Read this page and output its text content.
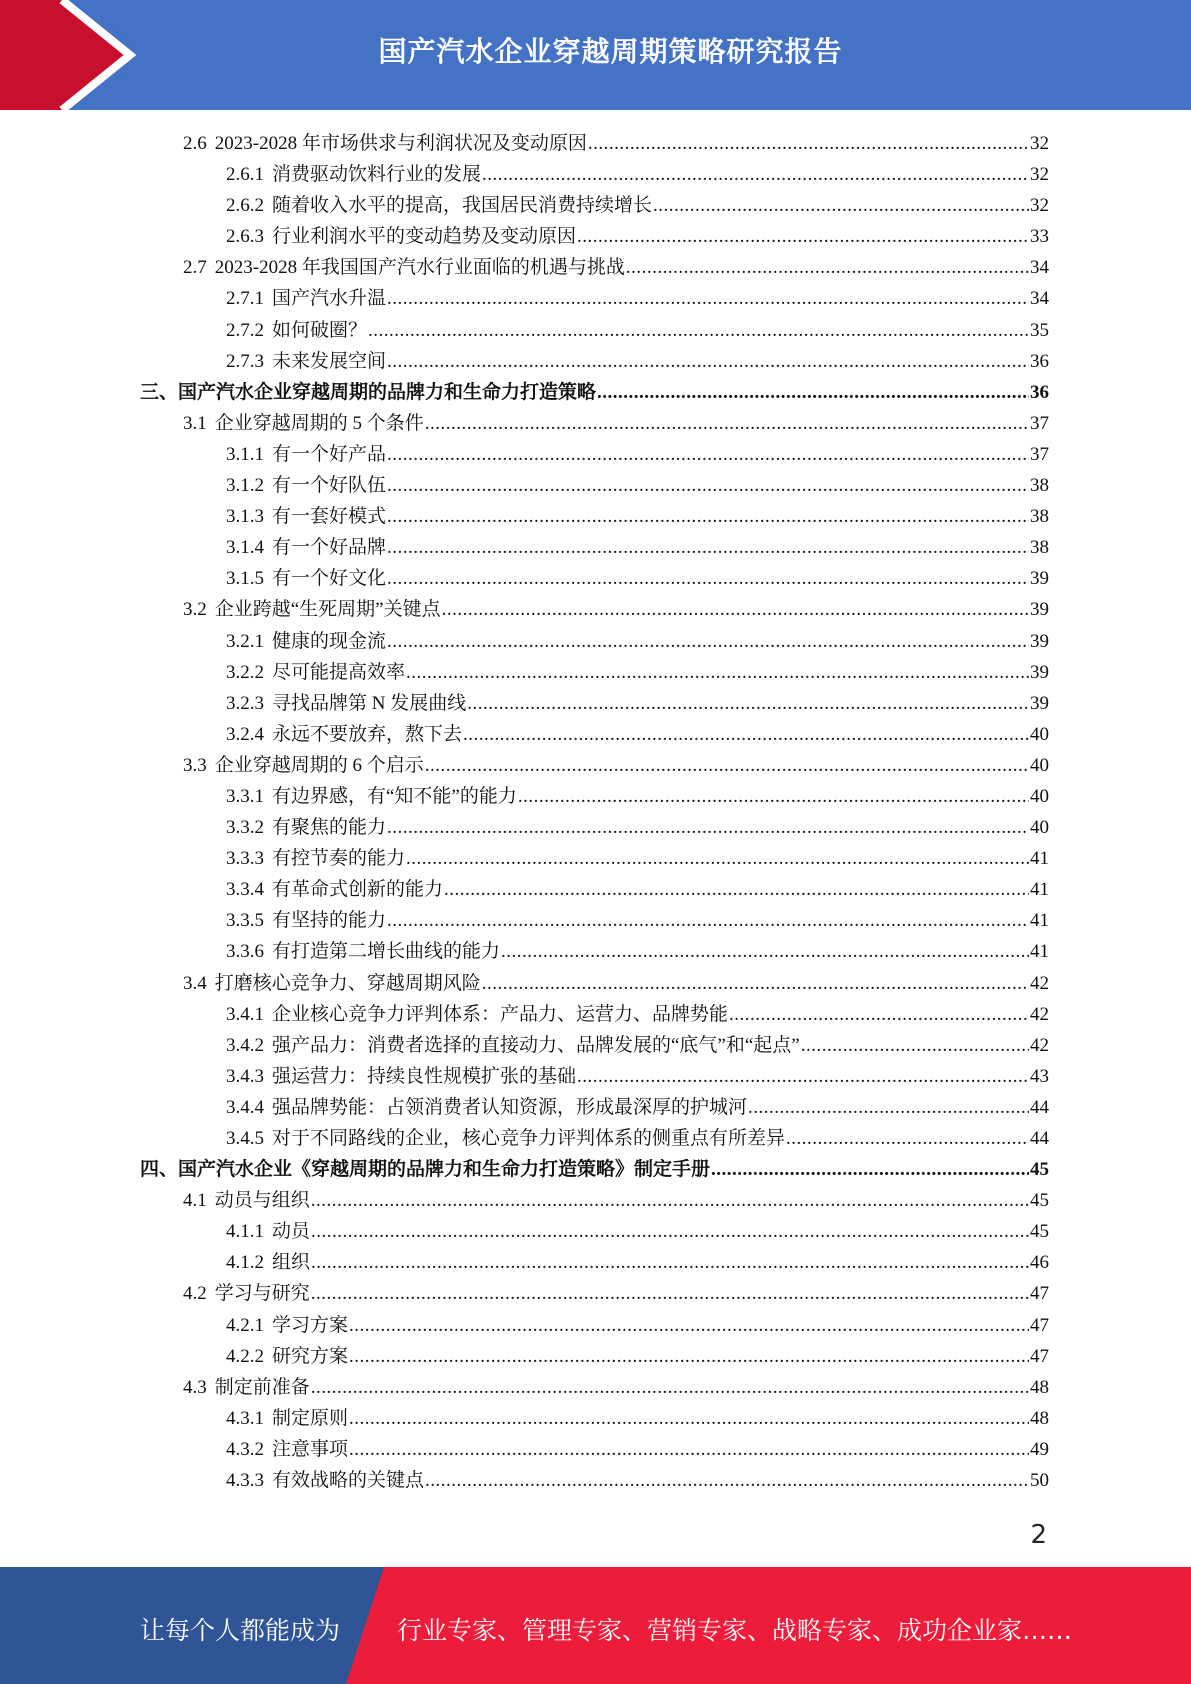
国产汽水企业穿越周期策略研究报告
2.6 2023-2028 年市场供求与利润状况及变动原因 .....	32
2.6.1 消费驱动饮料行业的发展 .....	32
2.6.2 随着收入水平的提高，我国居民消费持续增长 .....	32
2.6.3 行业利润水平的变动趋势及变动原因 .....	33
2.7 2023-2028 年我国国产汽水行业面临的机遇与挑战 .....	34
2.7.1 国产汽水升温 .....	34
2.7.2 如何破圈？ .....	35
2.7.3 未来发展空间 .....	36
三、国产汽水企业穿越周期的品牌力和生命力打造策略 .....	36
3.1 企业穿越周期的 5 个条件 .....	37
3.1.1 有一个好产品 .....	37
3.1.2 有一个好队伍 .....	38
3.1.3 有一套好模式 .....	38
3.1.4 有一个好品牌 .....	38
3.1.5 有一个好文化 .....	39
3.2 企业跨越“生死周期”关键点 .....	39
3.2.1 健康的现金流 .....	39
3.2.2 尽可能提高效率 .....	39
3.2.3 寻找品牌第 N 发展曲线 .....	39
3.2.4 永远不要放弃，熬下去 .....	40
3.3 企业穿越周期的 6 个启示 .....	40
3.3.1 有边界感，有“知不能”的能力 .....	40
3.3.2 有聚焦的能力 .....	40
3.3.3 有控节奏的能力 .....	41
3.3.4 有革命式创新的能力 .....	41
3.3.5 有坚持的能力 .....	41
3.3.6 有打造第二增长曲线的能力 .....	41
3.4 打磨核心竞争力、穿越周期风险 .....	42
3.4.1 企业核心竞争力评判体系：产品力、运营力、品牌势能 .....	42
3.4.2 强产品力：消费者选择的直接动力、品牌发展的“底气”和“起点” .....	42
3.4.3 强运营力：持续良性规模扩张的基础 .....	43
3.4.4 强品牌势能：占领消费者认知资源，形成最深厚的护城河 .....	44
3.4.5 对于不同路线的企业，核心竞争力评判体系的侧重点有所差异 .....	44
四、国产汽水企业《穿越周期的品牌力和生命力打造策略》制定手册 .....	45
4.1 动员与组织 .....	45
4.1.1 动员 .....	45
4.1.2 组织 .....	46
4.2 学习与研究 .....	47
4.2.1 学习方案 .....	47
4.2.2 研究方案 .....	47
4.3 制定前准备 .....	48
4.3.1 制定原则 .....	48
4.3.2 注意事项 .....	49
4.3.3 有效战略的关键点 .....	50
2
让每个人都能成为 行业专家、管理专家、营销专家、战略专家、成功企业家……
